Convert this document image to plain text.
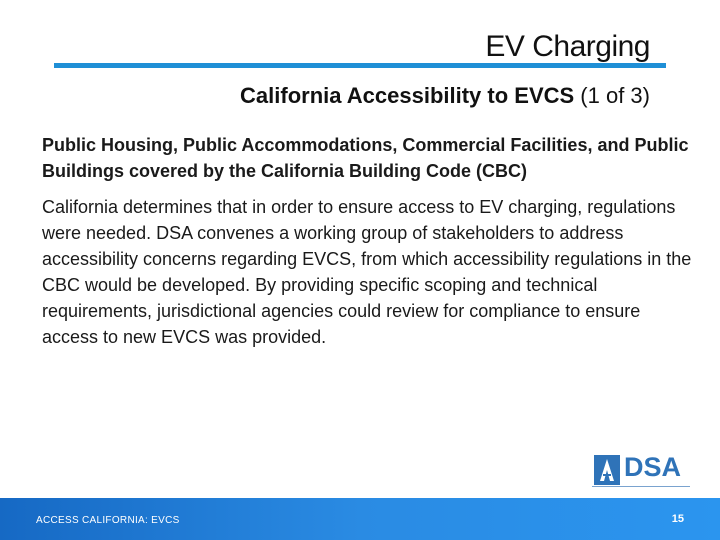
EV Charging
California Accessibility to EVCS (1 of 3)

Public Housing, Public Accommodations, Commercial Facilities, and Public Buildings covered by the California Building Code (CBC)

California determines that in order to ensure access to EV charging, regulations were needed. DSA convenes a working group of stakeholders to address accessibility concerns regarding EVCS, from which accessibility regulations in the CBC would be developed. By providing specific scoping and technical requirements, jurisdictional agencies could review for compliance to ensure access to new EVCS was provided.

DSA
ACCESS CALIFORNIA: EVCS	15
